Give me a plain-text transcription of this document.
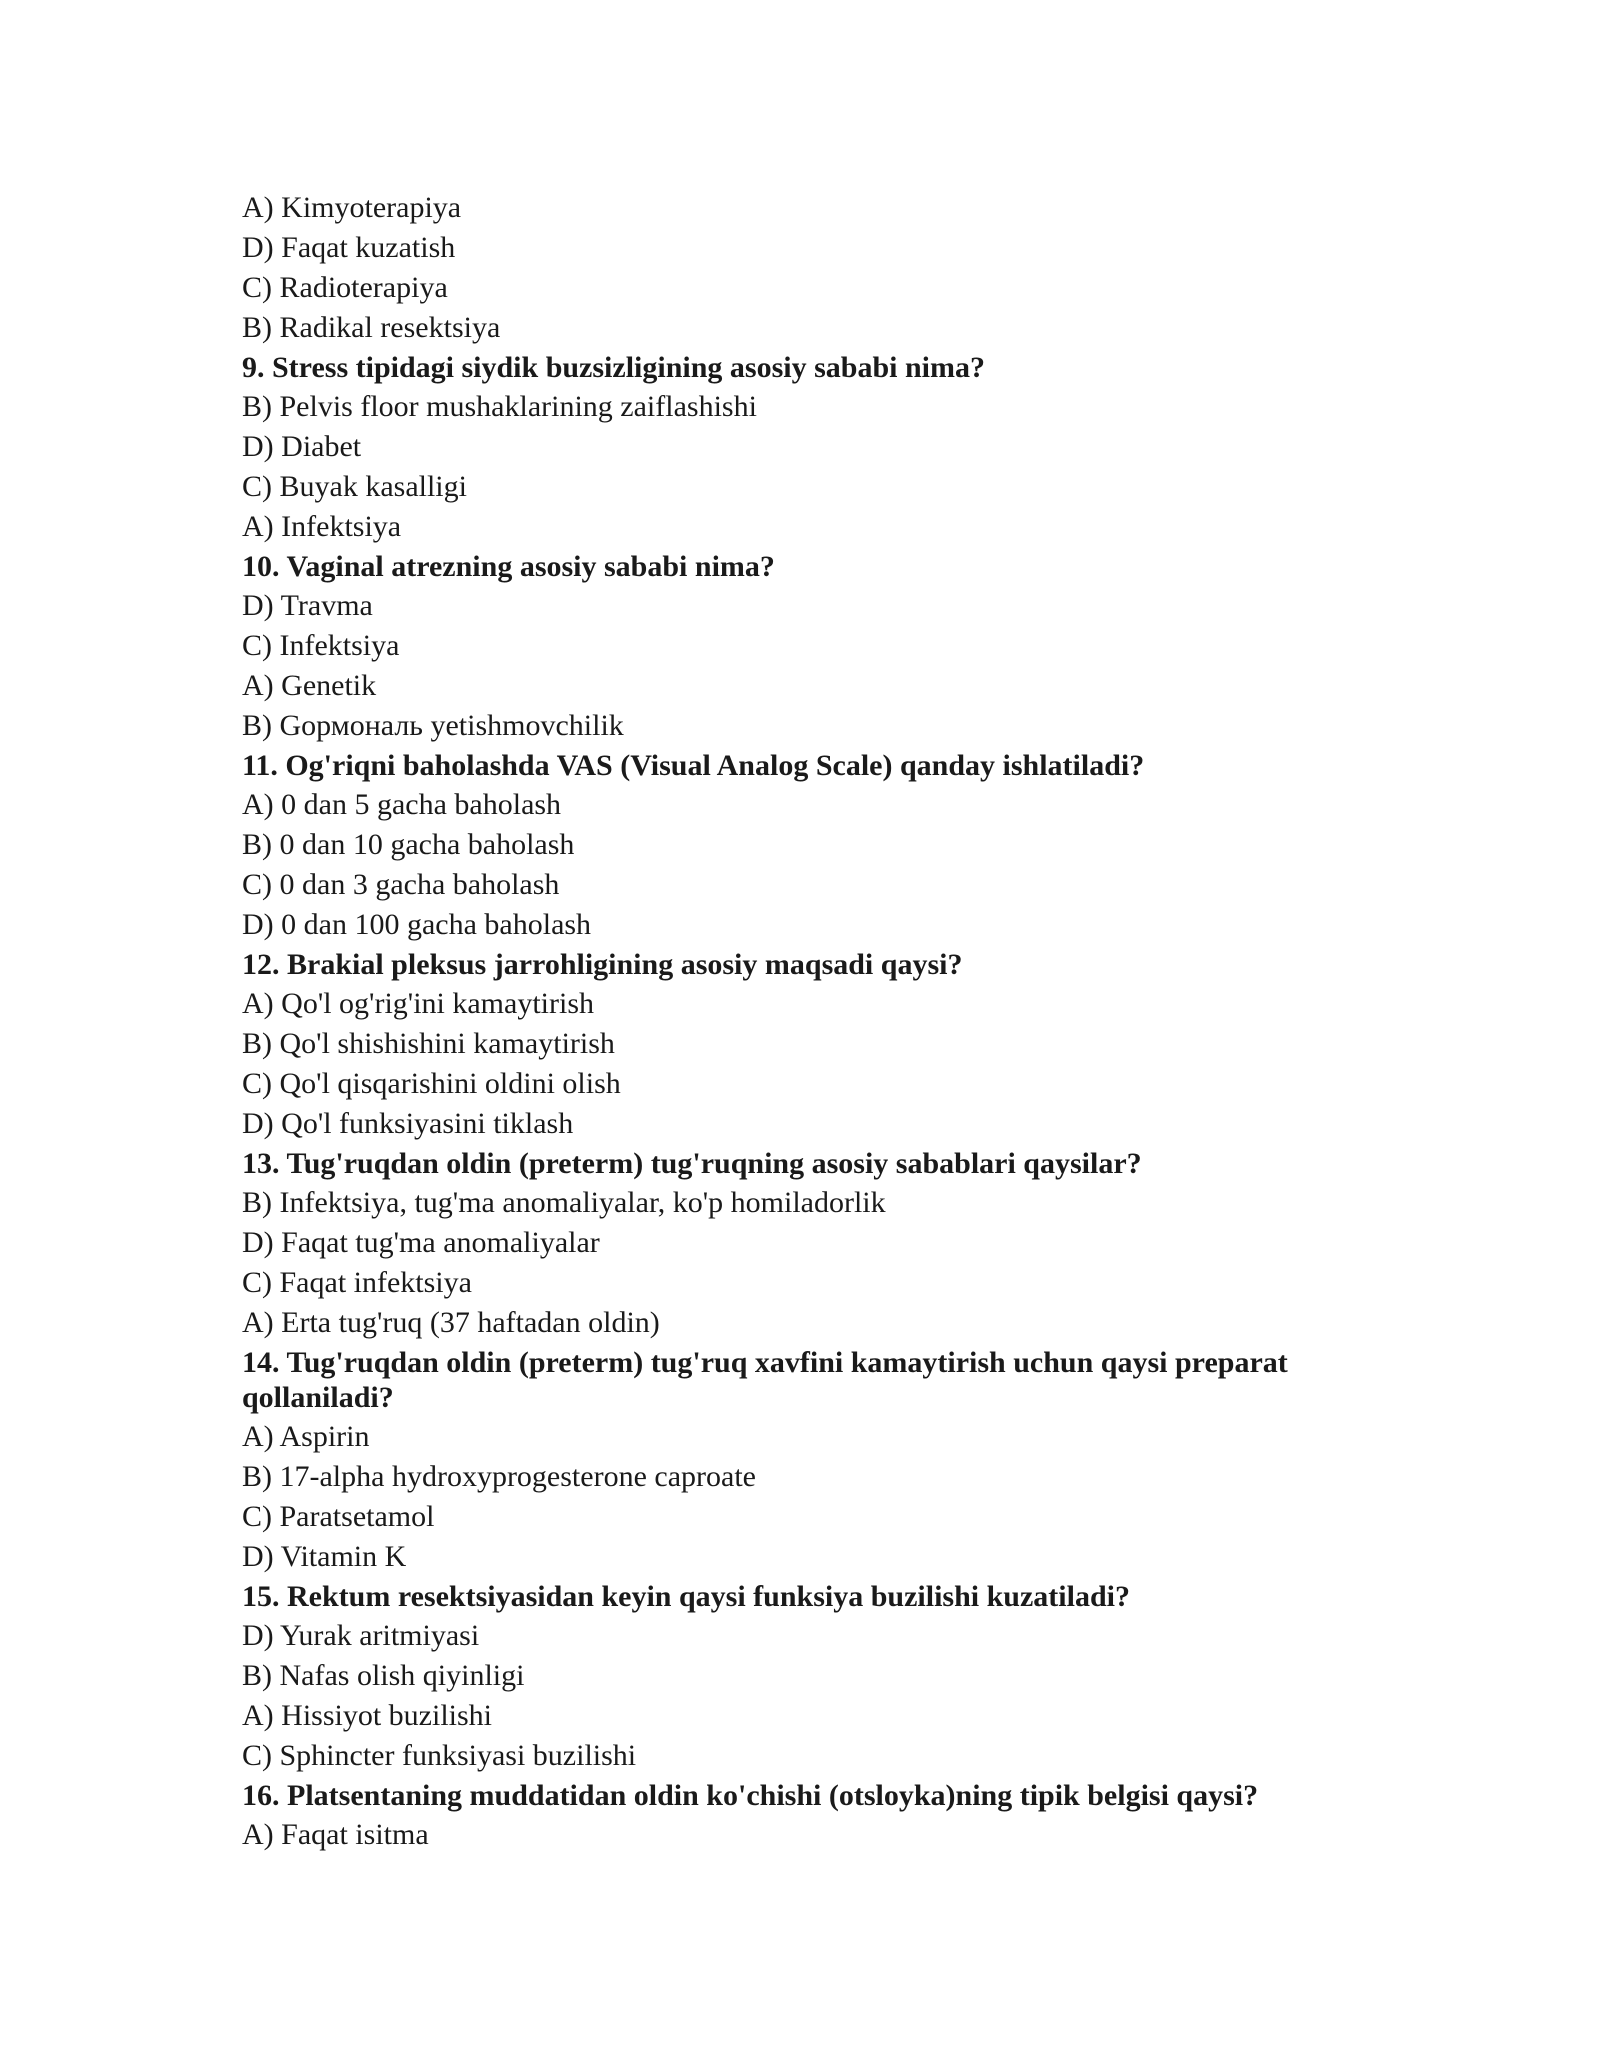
A) Kimyoterapiya
D) Faqat kuzatish
C) Radioterapiya
B) Radikal resektsiya
9. Stress tipidagi siydik buzsizligining asosiy sababi nima?
B) Pelvis floor mushaklarining zaiflashishi
D) Diabet
C) Buyak kasalligi
A) Infektsiya
10. Vaginal atrezning asosiy sababi nima?
D) Travma
C) Infektsiya
A) Genetik
B) Gормональ yetishmovchilik
11. Og'riqni baholashda VAS (Visual Analog Scale) qanday ishlatiladi?
A) 0 dan 5 gacha baholash
B) 0 dan 10 gacha baholash
C) 0 dan 3 gacha baholash
D) 0 dan 100 gacha baholash
12. Brakial pleksus jarrohligining asosiy maqsadi qaysi?
A) Qo'l og'rig'ini kamaytirish
B) Qo'l shishishini kamaytirish
C) Qo'l qisqarishini oldini olish
D) Qo'l funksiyasini tiklash
13. Tug'ruqdan oldin (preterm) tug'ruqning asosiy sabablari qaysilar?
B) Infektsiya, tug'ma anomaliyalar, ko'p homiladorlik
D) Faqat tug'ma anomaliyalar
C) Faqat infektsiya
A) Erta tug'ruq (37 haftadan oldin)
14. Tug'ruqdan oldin (preterm) tug'ruq xavfini kamaytirish uchun qaysi preparat qollaniladi?
A) Aspirin
B) 17-alpha hydroxyprogesterone caproate
C) Paratsetamol
D) Vitamin K
15. Rektum resektsiyasidan keyin qaysi funksiya buzilishi kuzatiladi?
D) Yurak aritmiyasi
B) Nafas olish qiyinligi
A) Hissiyot buzilishi
C) Sphincter funksiyasi buzilishi
16. Platsentaning muddatidan oldin ko'chishi (otsloyka)ning tipik belgisi qaysi?
A) Faqat isitma
